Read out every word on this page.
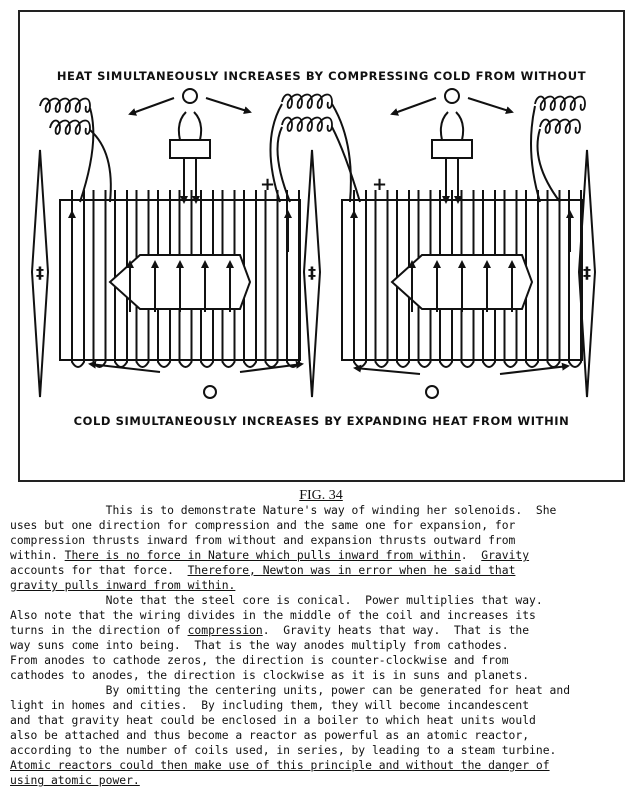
‡	‡	‡
+	+
HEAT SIMULTANEOUSLY INCREASES BY COMPRESSING COLD FROM WITHOUT
COLD SIMULTANEOUSLY INCREASES BY EXPANDING HEAT FROM WITHIN
FIG. 34
This is to demonstrate Nature's way of winding her solenoids.  She
uses but one direction for compression and the same one for expansion, for
compression thrusts inward from without and expansion thrusts outward from
within. There is no force in Nature which pulls inward from within.  Gravity
accounts for that force.  Therefore, Newton was in error when he said that
gravity pulls inward from within.
Note that the steel core is conical.  Power multiplies that way.
Also note that the wiring divides in the middle of the coil and increases its
turns in the direction of compression.  Gravity heats that way.  That is the
way suns come into being.  That is the way anodes multiply from cathodes.
From anodes to cathode zeros, the direction is counter-clockwise and from
cathodes to anodes, the direction is clockwise as it is in suns and planets.
By omitting the centering units, power can be generated for heat and
light in homes and cities.  By including them, they will become incandescent
and that gravity heat could be enclosed in a boiler to which heat units would
also be attached and thus become a reactor as powerful as an atomic reactor,
according to the number of coils used, in series, by leading to a steam turbine.
Atomic reactors could then make use of this principle and without the danger of
using atomic power.
